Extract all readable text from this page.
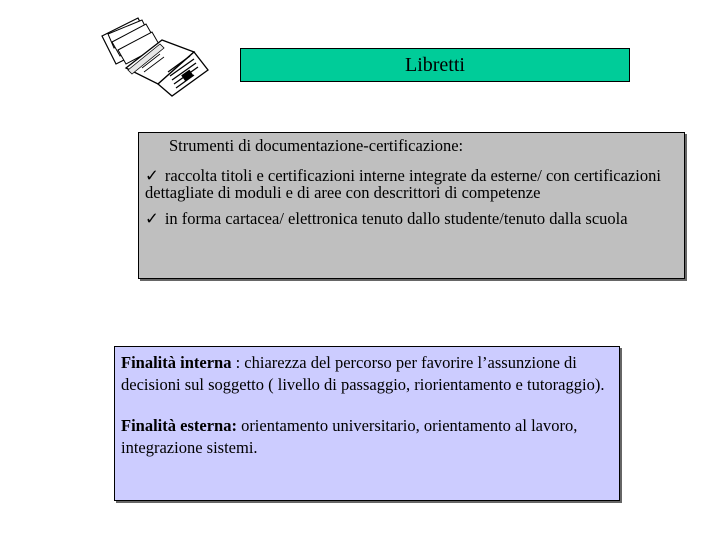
Libretti
Strumenti di documentazione-certificazione:
✓ raccolta titoli e certificazioni interne integrate da esterne/ con certificazioni dettagliate di moduli e di aree con descrittori di competenze
✓ in forma cartacea/ elettronica tenuto dallo studente/tenuto dalla scuola

Finalità interna : chiarezza del percorso per favorire l’assunzione di decisioni sul soggetto ( livello di passaggio, riorientamento e tutoraggio).

Finalità esterna: orientamento universitario, orientamento al lavoro, integrazione sistemi.
